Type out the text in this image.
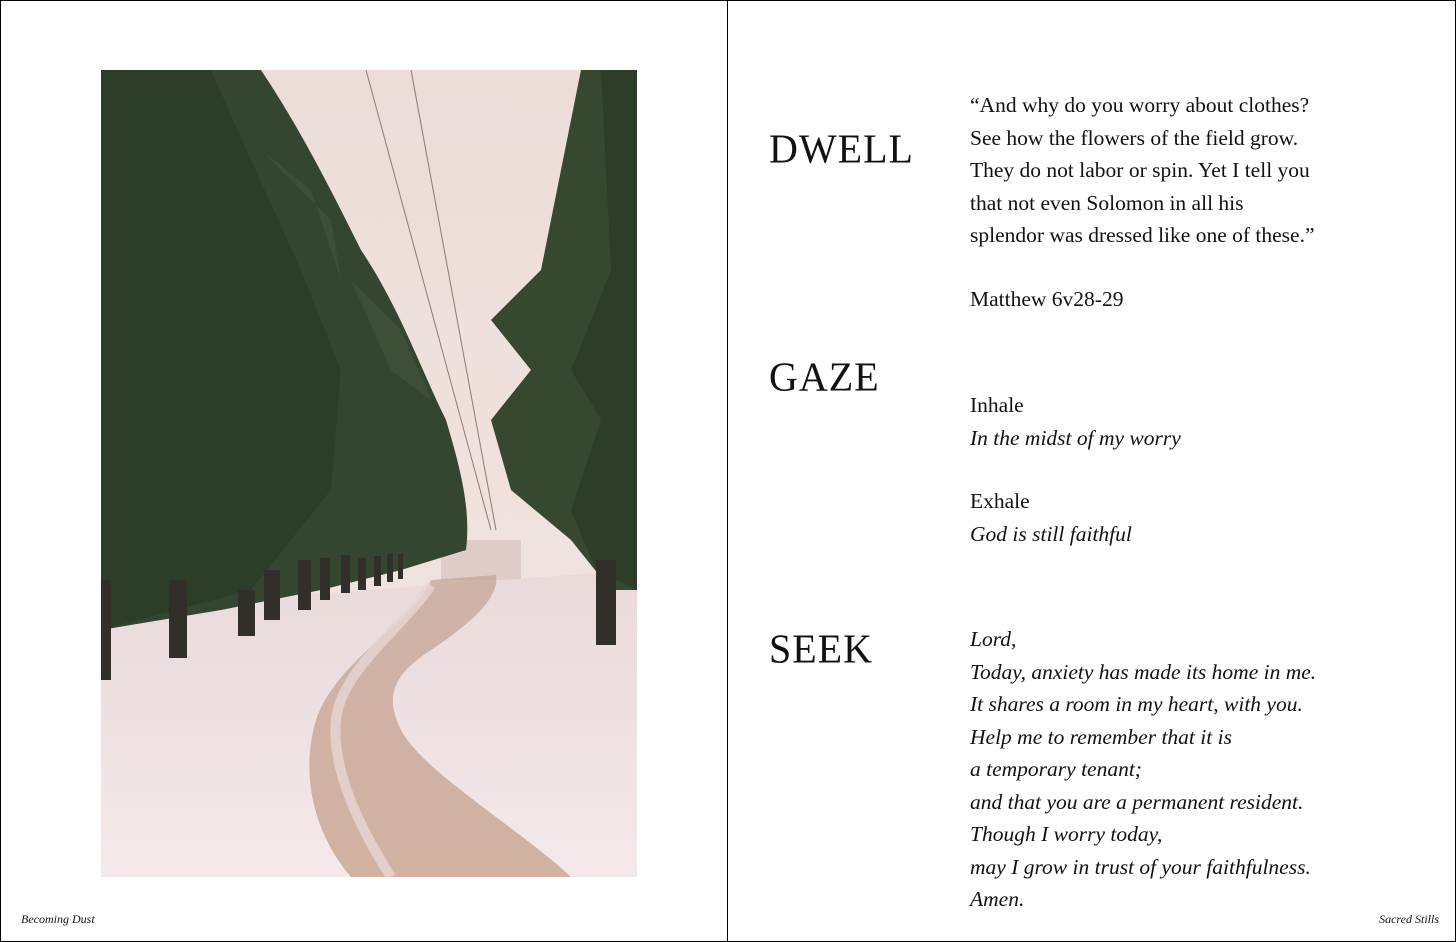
Becoming Dust
DWELL

“And why do you worry about clothes?

See how the flowers of the field grow.

They do not labor or spin. Yet I tell you

that not even Solomon in all his

splendor was dressed like one of these.”

Matthew 6v28-29

GAZE

Inhale

In the midst of my worry

Exhale

God is still faithful

SEEK	Lord,

Today, anxiety has made its home in me.

It shares a room in my heart, with you.

Help me to remember that it is

a temporary tenant;

and that you are a permanent resident.

Though I worry today,

may I grow in trust of your faithfulness.

Amen.

Sacred Stills
